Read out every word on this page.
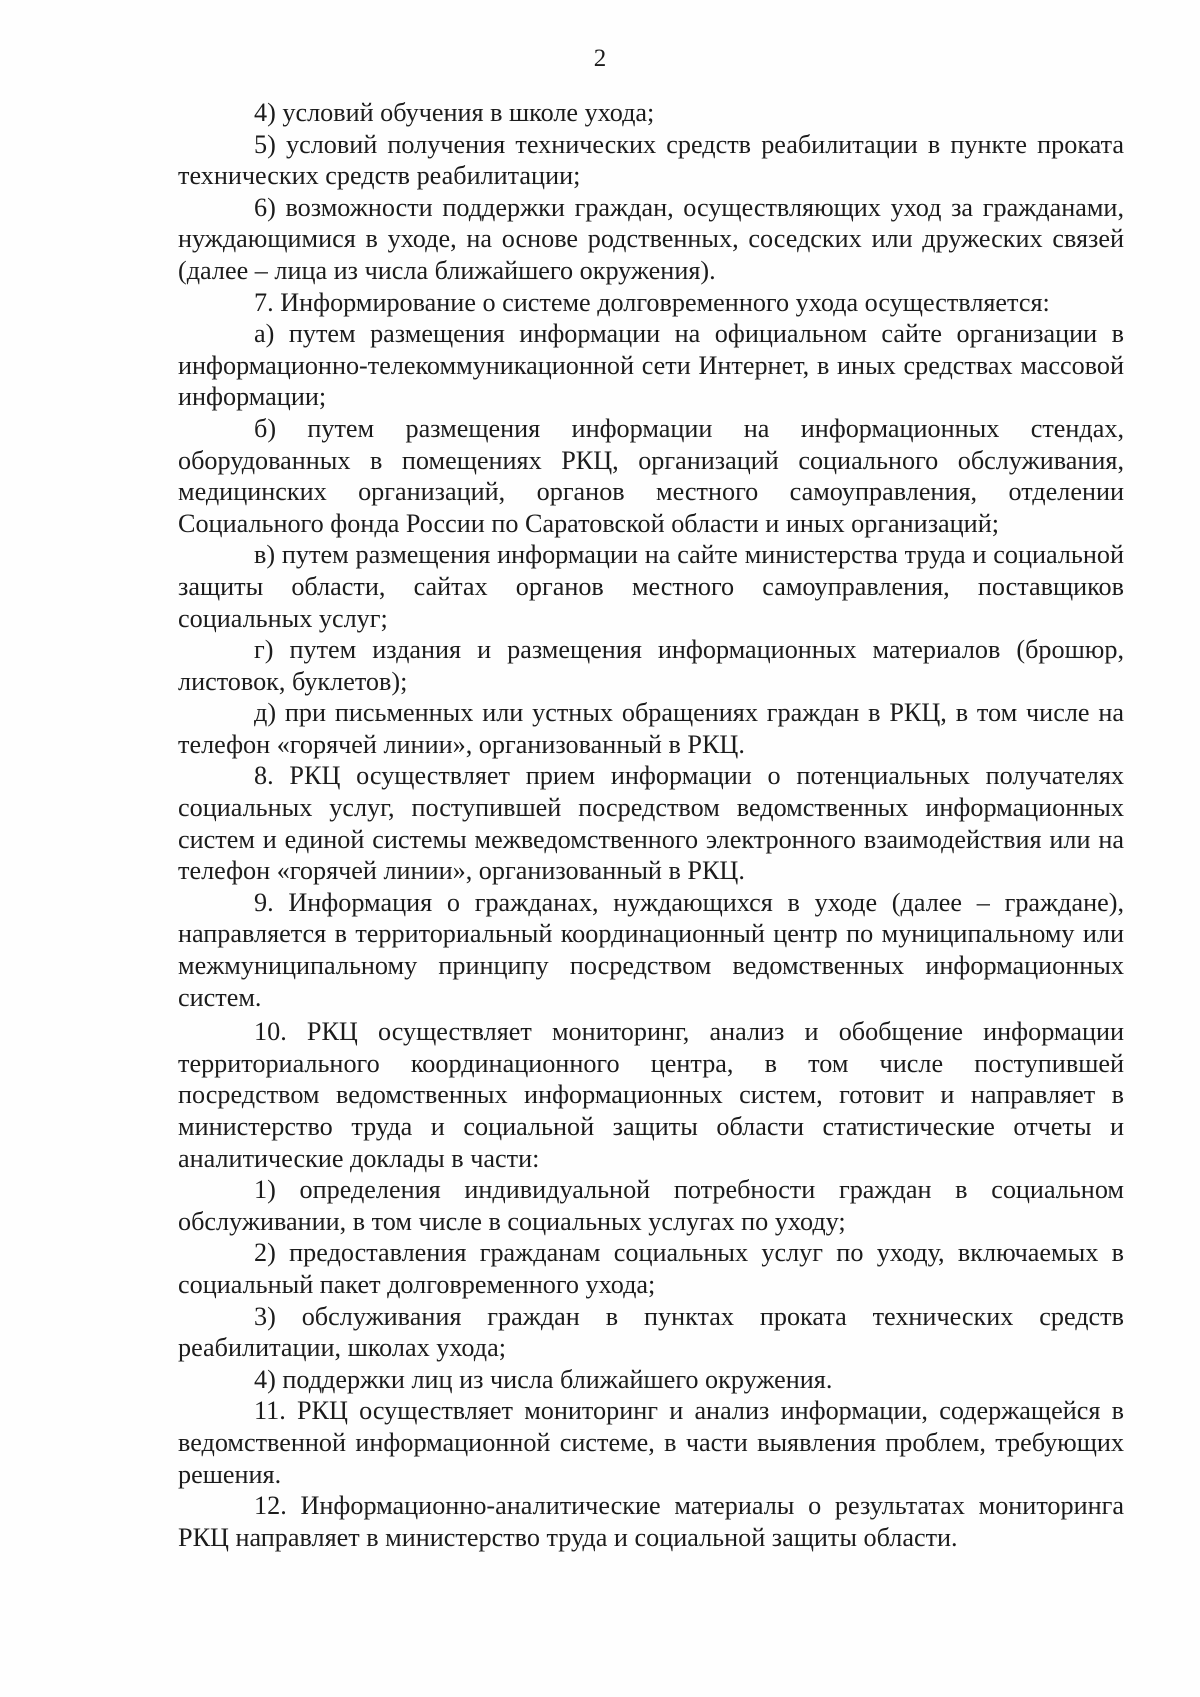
2

4) условий обучения в школе ухода;

5) условий получения технических средств реабилитации в пункте проката технических средств реабилитации;

6) возможности поддержки граждан, осуществляющих уход за гражданами, нуждающимися в уходе, на основе родственных, соседских или дружеских связей (далее – лица из числа ближайшего окружения).

7. Информирование о системе долговременного ухода осуществляется:

а) путем размещения информации на официальном сайте организации в информационно-телекоммуникационной сети Интернет, в иных средствах массовой информации;

б) путем размещения информации на информационных стендах, оборудованных в помещениях РКЦ, организаций социального обслуживания, медицинских организаций, органов местного самоуправления, отделении Социального фонда России по Саратовской области и иных организаций;

в) путем размещения информации на сайте министерства труда и социальной защиты области, сайтах органов местного самоуправления, поставщиков социальных услуг;

г) путем издания и размещения информационных материалов (брошюр, листовок, буклетов);

д) при письменных или устных обращениях граждан в РКЦ, в том числе на телефон «горячей линии», организованный в РКЦ.

8. РКЦ осуществляет прием информации о потенциальных получателях социальных услуг, поступившей посредством ведомственных информационных систем и единой системы межведомственного электронного взаимодействия или на телефон «горячей линии», организованный в РКЦ.

9. Информация о гражданах, нуждающихся в уходе (далее – граждане), направляется в территориальный координационный центр по муниципальному или межмуниципальному принципу посредством ведомственных информационных систем.

10. РКЦ осуществляет мониторинг, анализ и обобщение информации территориального координационного центра, в том числе поступившей посредством ведомственных информационных систем, готовит и направляет в министерство труда и социальной защиты области статистические отчеты и аналитические доклады в части:

1) определения индивидуальной потребности граждан в социальном обслуживании, в том числе в социальных услугах по уходу;

2) предоставления гражданам социальных услуг по уходу, включаемых в социальный пакет долговременного ухода;

3) обслуживания граждан в пунктах проката технических средств реабилитации, школах ухода;

4) поддержки лиц из числа ближайшего окружения.

11. РКЦ осуществляет мониторинг и анализ информации, содержащейся в ведомственной информационной системе, в части выявления проблем, требующих решения.

12. Информационно-аналитические материалы о результатах мониторинга РКЦ направляет в министерство труда и социальной защиты области.
